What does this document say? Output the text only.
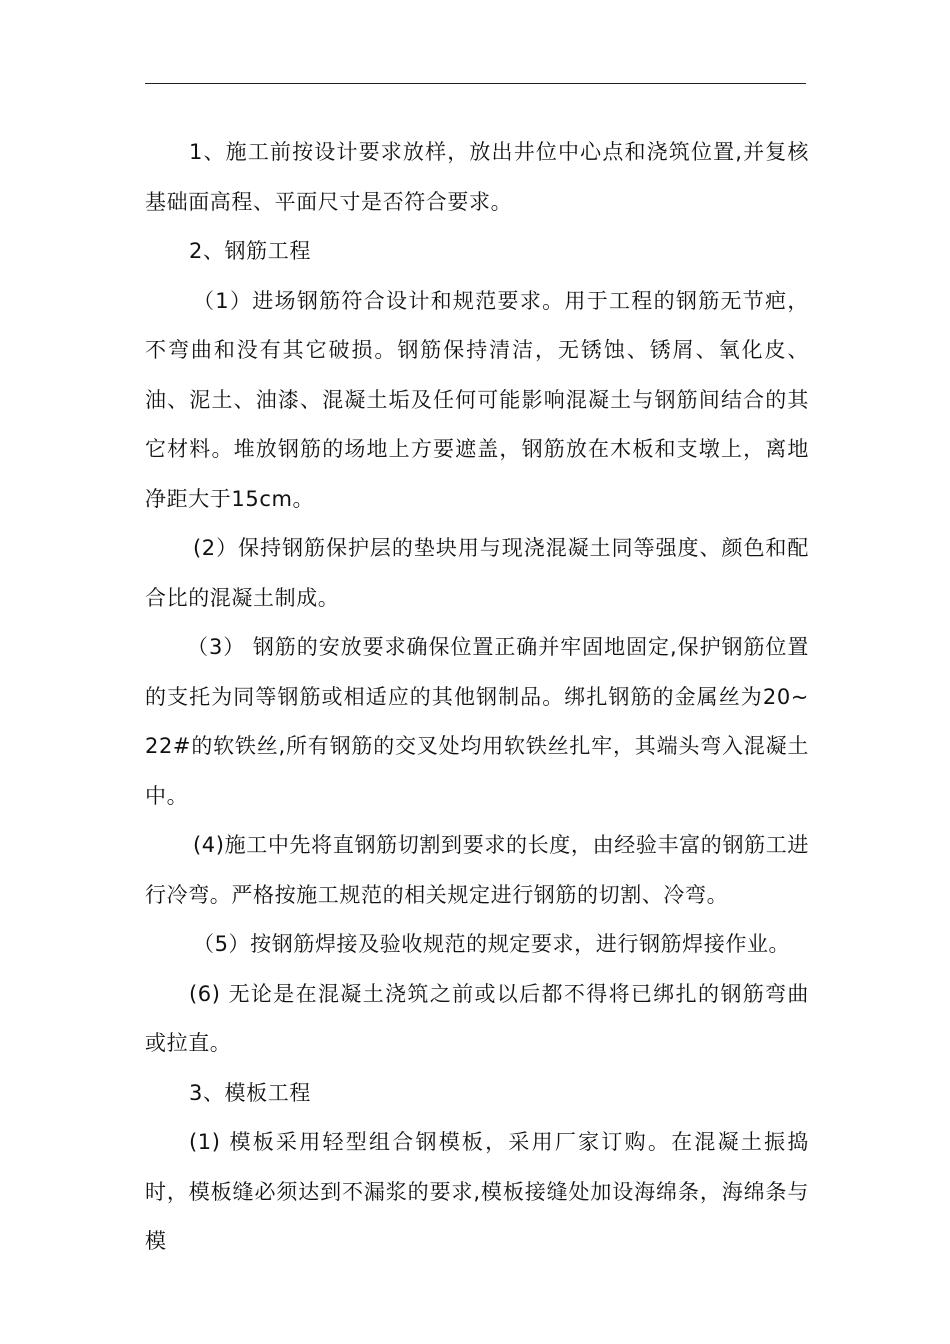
1、施工前按设计要求放样，放出井位中心点和浇筑位置,并复核基础面高程、平面尺寸是否符合要求。

2、钢筋工程

（1）进场钢筋符合设计和规范要求。用于工程的钢筋无节疤，不弯曲和没有其它破损。钢筋保持清洁，无锈蚀、锈屑、氧化皮、油、泥土、油漆、混凝土垢及任何可能影响混凝土与钢筋间结合的其它材料。堆放钢筋的场地上方要遮盖，钢筋放在木板和支墩上，离地净距大于15cm。

(2）保持钢筋保护层的垫块用与现浇混凝土同等强度、颜色和配合比的混凝土制成。

（3） 钢筋的安放要求确保位置正确并牢固地固定,保护钢筋位置的支托为同等钢筋或相适应的其他钢制品。绑扎钢筋的金属丝为20~22#的软铁丝,所有钢筋的交叉处均用软铁丝扎牢，其端头弯入混凝土中。

(4)施工中先将直钢筋切割到要求的长度，由经验丰富的钢筋工进行冷弯。严格按施工规范的相关规定进行钢筋的切割、冷弯。

（5）按钢筋焊接及验收规范的规定要求，进行钢筋焊接作业。

(6) 无论是在混凝土浇筑之前或以后都不得将已绑扎的钢筋弯曲或拉直。

3、模板工程

(1) 模板采用轻型组合钢模板，采用厂家订购。在混凝土振捣时，模板缝必须达到不漏浆的要求,模板接缝处加设海绵条，海绵条与模
